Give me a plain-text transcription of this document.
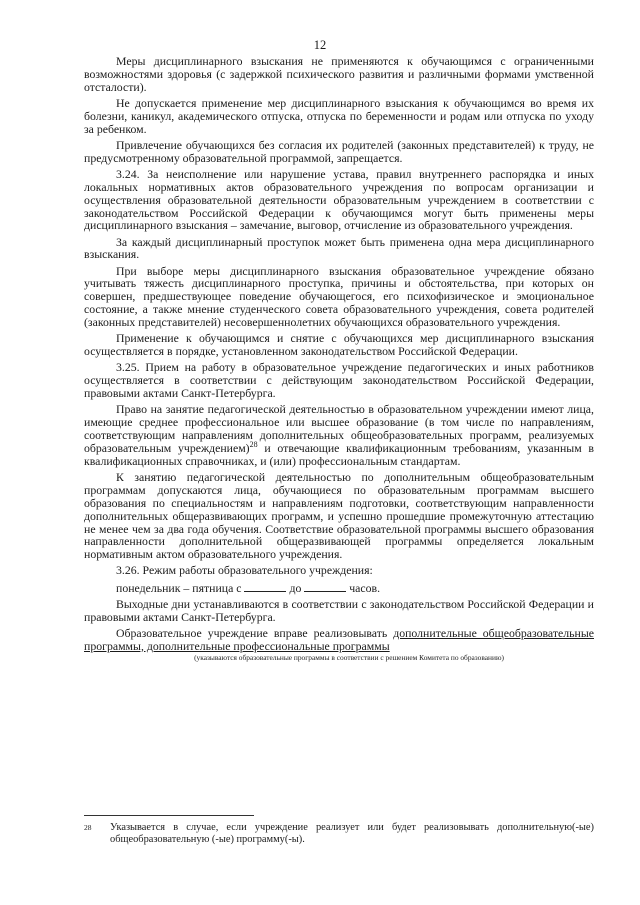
12

Меры дисциплинарного взыскания не применяются к обучающимся с ограниченными возможностями здоровья (с задержкой психического развития и различными формами умственной отсталости).

Не допускается применение мер дисциплинарного взыскания к обучающимся во время их болезни, каникул, академического отпуска, отпуска по беременности и родам или отпуска по уходу за ребенком.

Привлечение обучающихся без согласия их родителей (законных представителей) к труду, не предусмотренному образовательной программой, запрещается.

3.24. За неисполнение или нарушение устава, правил внутреннего распорядка и иных локальных нормативных актов образовательного учреждения по вопросам организации и осуществления образовательной деятельности образовательным учреждением в соответствии с законодательством Российской Федерации к обучающимся могут быть применены меры дисциплинарного взыскания – замечание, выговор, отчисление из образовательного учреждения.

За каждый дисциплинарный проступок может быть применена одна мера дисциплинарного взыскания.

При выборе меры дисциплинарного взыскания образовательное учреждение обязано учитывать тяжесть дисциплинарного проступка, причины и обстоятельства, при которых он совершен, предшествующее поведение обучающегося, его психофизическое и эмоциональное состояние, а также мнение студенческого совета образовательного учреждения, совета родителей (законных представителей) несовершеннолетних обучающихся образовательного учреждения.

Применение к обучающимся и снятие с обучающихся мер дисциплинарного взыскания осуществляется в порядке, установленном законодательством Российской Федерации.

3.25. Прием на работу в образовательное учреждение педагогических и иных работников осуществляется в соответствии с действующим законодательством Российской Федерации, правовыми актами Санкт-Петербурга.

Право на занятие педагогической деятельностью в образовательном учреждении имеют лица, имеющие среднее профессиональное или высшее образование (в том числе по направлениям, соответствующим направлениям дополнительных общеобразовательных программ, реализуемых образовательным учреждением)$^{28}$ и отвечающие квалификационным требованиям, указанным в квалификационных справочниках, и (или) профессиональным стандартам.

К занятию педагогической деятельностью по дополнительным общеобразовательным программам допускаются лица, обучающиеся по образовательным программам высшего образования по специальностям и направлениям подготовки, соответствующим направленности дополнительных общеразвивающих программ, и успешно прошедшие промежуточную аттестацию не менее чем за два года обучения. Соответствие образовательной программы высшего образования направленности дополнительной общеразвивающей программы определяется локальным нормативным актом образовательного учреждения.

3.26. Режим работы образовательного учреждения:

понедельник – пятница с	до	часов.

Выходные дни устанавливаются в соответствии с законодательством Российской Федерации и правовыми актами Санкт-Петербурга.

Образовательное учреждение вправе реализовывать дополнительные общеобразовательные программы, дополнительные профессиональные программы

(указываются образовательные программы в соответствии с решением Комитета по образованию)
28 Указывается в случае, если учреждение реализует или будет реализовывать дополнительную(-ые) общеобразовательную (-ые) программу(-ы).
